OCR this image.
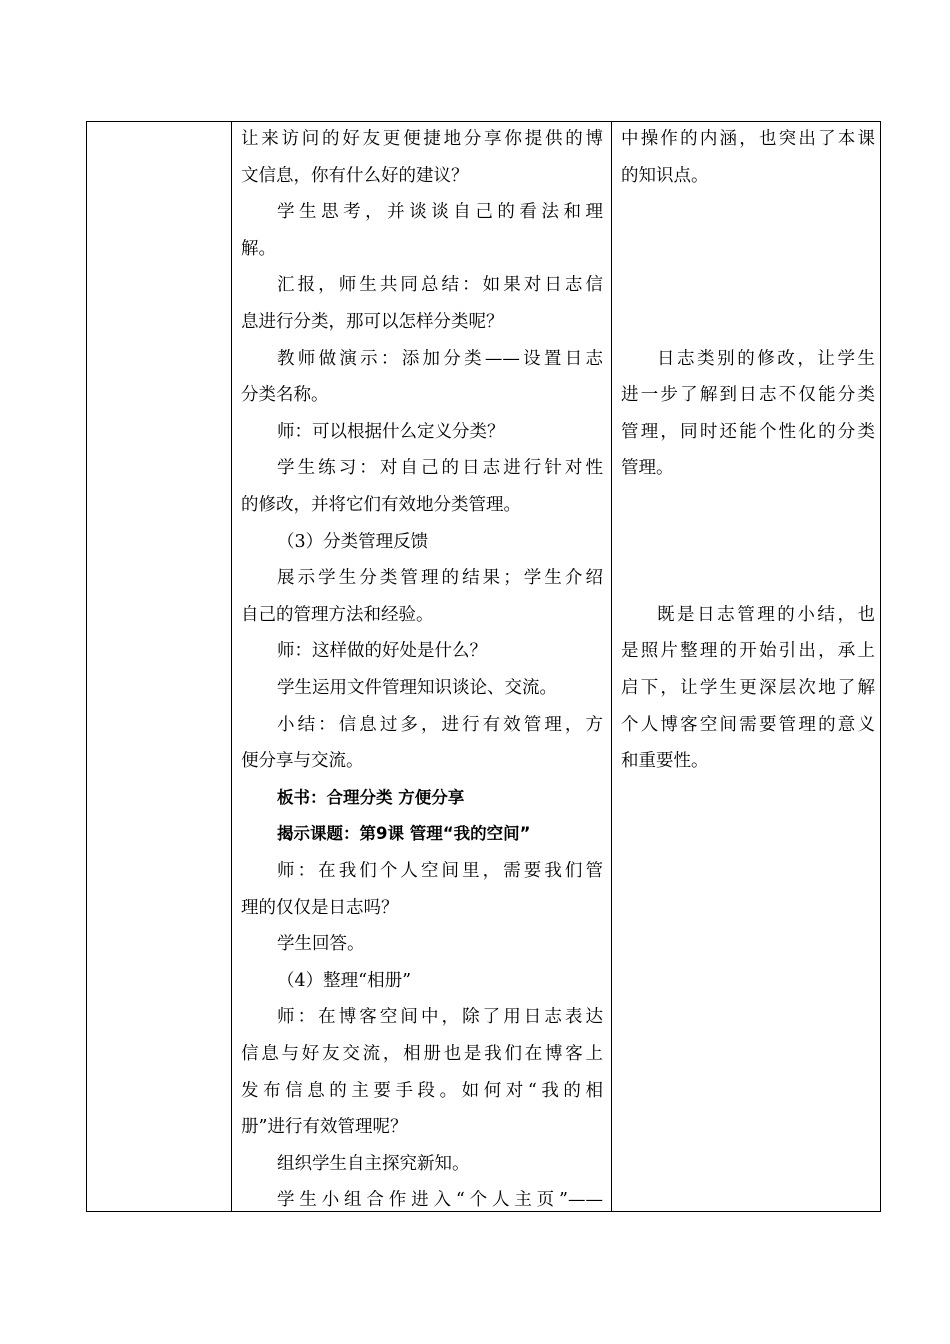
让来访问的好友更便捷地分享你提供的博
文信息，你有什么好的建议？
学生思考，并谈谈自己的看法和理
解。
汇报，师生共同总结：如果对日志信
息进行分类，那可以怎样分类呢？
教师做演示：添加分类——设置日志
分类名称。
师：可以根据什么定义分类？
学生练习：对自己的日志进行针对性
的修改，并将它们有效地分类管理。
（3）分类管理反馈
展示学生分类管理的结果；学生介绍
自己的管理方法和经验。
师：这样做的好处是什么？
学生运用文件管理知识谈论、交流。
小结：信息过多，进行有效管理，方
便分享与交流。
板书：合理分类 方便分享
揭示课题：第9课 管理“我的空间”
师：在我们个人空间里，需要我们管
理的仅仅是日志吗？
学生回答。
（4）整理“相册”
师：在博客空间中，除了用日志表达
信息与好友交流，相册也是我们在博客上
发布信息的主要手段。如何对“我的相
册”进行有效管理呢？
组织学生自主探究新知。
学生小组合作进入“个人主页”——
中操作的内涵，也突出了本课
的知识点。
日志类别的修改，让学生
进一步了解到日志不仅能分类
管理，同时还能个性化的分类
管理。
既是日志管理的小结，也
是照片整理的开始引出，承上
启下，让学生更深层次地了解
个人博客空间需要管理的意义
和重要性。
